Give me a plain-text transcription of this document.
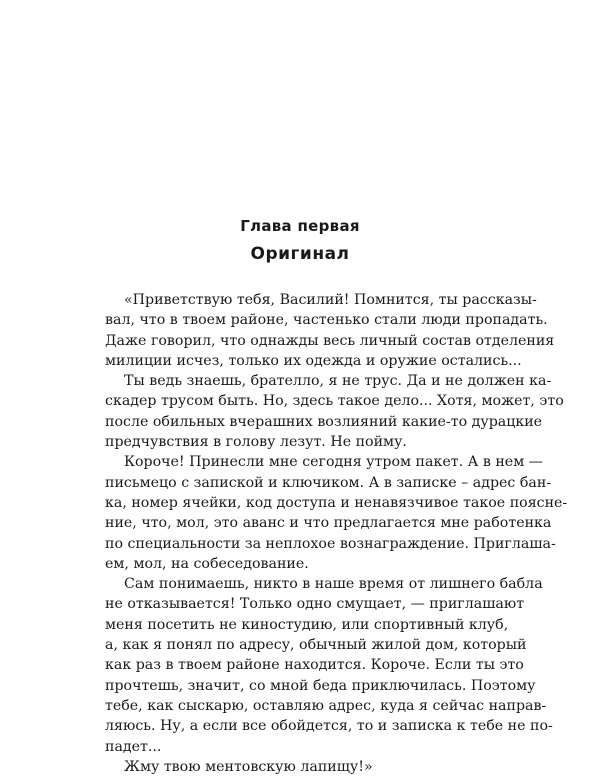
Глава первая
Оригинал
«Приветствую тебя, Василий! Помнится, ты рассказы-
вал, что в твоем районе, частенько стали люди пропадать.
Даже говорил, что однажды весь личный состав отделения
милиции исчез, только их одежда и оружие остались...
Ты ведь знаешь, брателло, я не трус. Да и не должен ка-
скадер трусом быть. Но, здесь такое дело... Хотя, может, это
после обильных вчерашних возлияний какие-то дурацкие
предчувствия в голову лезут. Не пойму.
Короче! Принесли мне сегодня утром пакет. А в нем —
письмецо с запиской и ключиком. А в записке – адрес бан-
ка, номер ячейки, код доступа и ненавязчивое такое поясне-
ние, что, мол, это аванс и что предлагается мне работенка
по специальности за неплохое вознаграждение. Приглаша-
ем, мол, на собеседование.
Сам понимаешь, никто в наше время от лишнего бабла
не отказывается! Только одно смущает, — приглашают
меня посетить не киностудию, или спортивный клуб,
а, как я понял по адресу, обычный жилой дом, который
как раз в твоем районе находится. Короче. Если ты это
прочтешь, значит, со мной беда приключилась. Поэтому
тебе, как сыскарю, оставляю адрес, куда я сейчас направ-
ляюсь. Ну, а если все обойдется, то и записка к тебе не по-
падет...
Жму твою ментовскую лапищу!»
